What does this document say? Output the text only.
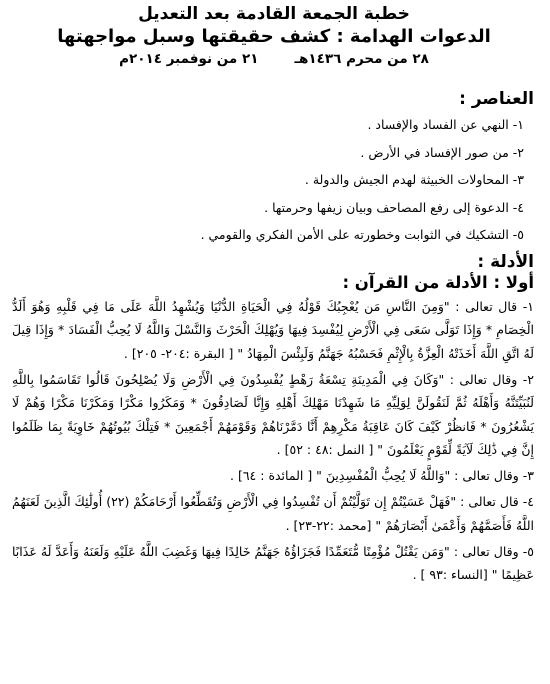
خطبة الجمعة القادمة بعد التعديل
الدعوات الهدامة : كشف حقيقتها وسبل مواجهتها
٢٨ من محرم ١٤٣٦هـ
٢١ من نوفمبر ٢٠١٤م
العناصر :
١- النهي عن الفساد والإفساد .
٢- من صور الإفساد في الأرض .
٣- المحاولات الخبيثة لهدم الجيش والدولة .
٤- الدعوة إلى رفع المصاحف وبيان زيفها وحرمتها .
٥- التشكيك في الثوابت وخطورته على الأمن الفكري والقومي .
الأدلة :
أولا : الأدلة من القرآن :
١- قال تعالى : "وَمِنَ النَّاسِ مَن يُعْجِبُكَ قَوْلُهُ فِي الْحَيَاةِ الدُّنْيَا وَيُشْهِدُ اللَّهَ عَلَى مَا فِي قَلْبِهِ وَهُوَ أَلَدُّ الْخِصَامِ * وَإِذَا تَوَلَّى سَعَى فِي الْأَرْضِ لِيُفْسِدَ فِيهَا وَيُهْلِكَ الْحَرْثَ وَالنَّسْلَ وَاللَّهُ لَا يُحِبُّ الْفَسَادَ * وَإِذَا قِيلَ لَهُ اتَّقِ اللَّهَ أَخَذَتْهُ الْعِزَّةُ بِالْإِثْمِ فَحَسْبُهُ جَهَنَّمُ وَلَبِئْسَ الْمِهَادُ " [ البقرة :٢٠٤- ٢٠٥] .
٢- وقال تعالى : "وَكَانَ فِي الْمَدِينَةِ تِسْعَةُ رَهْطٍ يُفْسِدُونَ فِي الْأَرْضِ وَلَا يُصْلِحُونَ قَالُوا تَقَاسَمُوا بِاللَّهِ لَنُبَيِّتَنَّهُ وَأَهْلَهُ ثُمَّ لَنَقُولَنَّ لِوَلِيِّهِ مَا شَهِدْنَا مَهْلِكَ أَهْلِهِ وَإِنَّا لَصَادِقُونَ * وَمَكَرُوا مَكْرًا وَمَكَرْنَا مَكْرًا وَهُمْ لَا يَشْعُرُونَ * فَانظُرْ كَيْفَ كَانَ عَاقِبَةُ مَكْرِهِمْ أَنَّا دَمَّرْنَاهُمْ وَقَوْمَهُمْ أَجْمَعِينَ * فَتِلْكَ بُيُوتُهُمْ خَاوِيَةً بِمَا ظَلَمُوا إِنَّ فِي ذَٰلِكَ لَآيَةً لِّقَوْمٍ يَعْلَمُونَ " [ النمل :٤٨ : ٥٢] .
٣- وقال تعالى : "وَاللَّهُ لَا يُحِبُّ الْمُفْسِدِينَ " [ المائدة : ٦٤] .
٤- قال تعالى : "فَهَلْ عَسَيْتُمْ إِن تَوَلَّيْتُمْ أَن تُفْسِدُوا فِي الْأَرْضِ وَتُقَطِّعُوا أَرْحَامَكُمْ (٢٢) أُولَٰئِكَ الَّذِينَ لَعَنَهُمُ اللَّهُ فَأَصَمَّهُمْ وَأَعْمَىٰ أَبْصَارَهُمْ " [محمد :٢٢-٢٣] .
٥- وقال تعالى : "وَمَن يَقْتُلْ مُؤْمِنًا مُّتَعَمِّدًا فَجَزَاؤُهُ جَهَنَّمُ خَالِدًا فِيهَا وَغَضِبَ اللَّهُ عَلَيْهِ وَلَعَنَهُ وَأَعَدَّ لَهُ عَذَابًا عَظِيمًا " [النساء :٩٣ ] .
